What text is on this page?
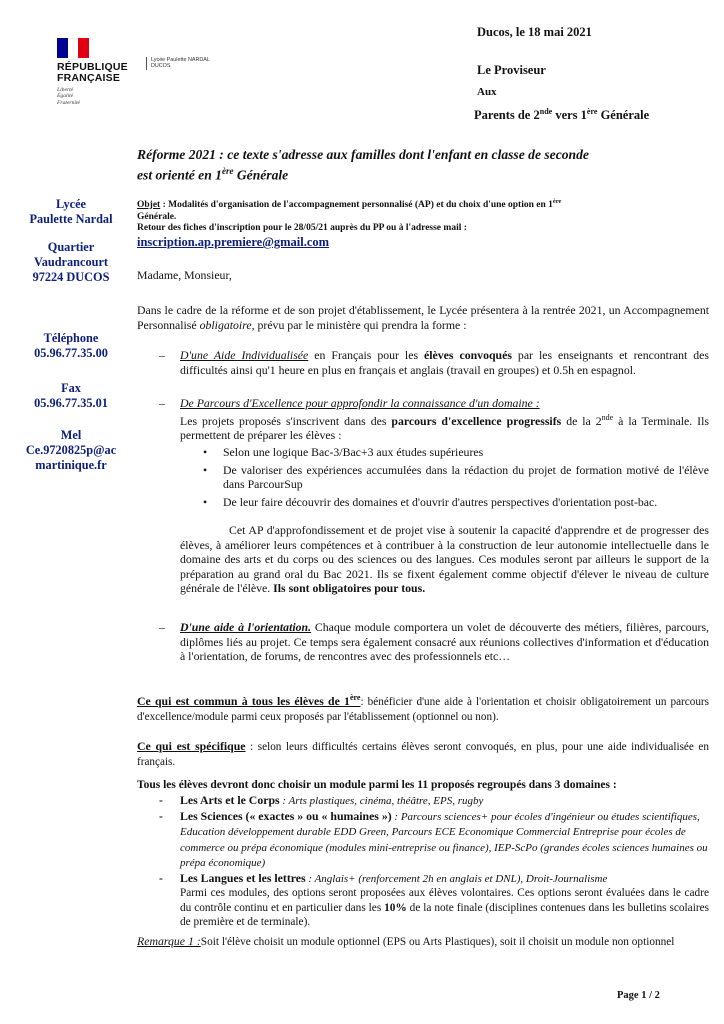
RÉPUBLIQUE
FRANÇAISE
Liberté
Égalité
Fraternité
Lycée Paulette NARDAL
DUCOS
Ducos, le 18 mai 2021
Le Proviseur
Aux
Parents de 2nde vers 1ère Générale
Réforme 2021 : ce texte s'adresse aux familles dont l'enfant en classe de seconde
est orienté en 1ère Générale
Lycée
Paulette Nardal
Quartier
Vaudrancourt
97224 DUCOS
Téléphone
05.96.77.35.00
Fax
05.96.77.35.01
Mel
Ce.9720825p@ac
martinique.fr
Objet : Modalités d'organisation de l'accompagnement personnalisé (AP) et du choix d'une option en 1ère
Générale.
Retour des fiches d'inscription pour le 28/05/21 auprès du PP ou à l'adresse mail :
inscription.ap.premiere@gmail.com
Madame, Monsieur,
Dans le cadre de la réforme et de son projet d'établissement, le Lycée présentera à la rentrée 2021, un Accompagnement Personnalisé obligatoire, prévu par le ministère qui prendra la forme :
– D'une Aide Individualisée en Français pour les élèves convoqués par les enseignants et rencontrant des difficultés ainsi qu'1 heure en plus en français et anglais (travail en groupes) et 0.5h en espagnol.
– De Parcours d'Excellence pour approfondir la connaissance d'un domaine :
Les projets proposés s'inscrivent dans des parcours d'excellence progressifs de la 2nde à la Terminale. Ils permettent de préparer les élèves :
• Selon une logique Bac-3/Bac+3 aux études supérieures
• De valoriser des expériences accumulées dans la rédaction du projet de formation motivé de l'élève dans ParcourSup
• De leur faire découvrir des domaines et d'ouvrir d'autres perspectives d'orientation post-bac.
Cet AP d'approfondissement et de projet vise à soutenir la capacité d'apprendre et de progresser des élèves, à améliorer leurs compétences et à contribuer à la construction de leur autonomie intellectuelle dans le domaine des arts et du corps ou des sciences ou des langues. Ces modules seront par ailleurs le support de la préparation au grand oral du Bac 2021. Ils se fixent également comme objectif d'élever le niveau de culture générale de l'élève. Ils sont obligatoires pour tous.
– D'une aide à l'orientation. Chaque module comportera un volet de découverte des métiers, filières, parcours, diplômes liés au projet. Ce temps sera également consacré aux réunions collectives d'information et d'éducation à l'orientation, de forums, de rencontres avec des professionnels etc…
Ce qui est commun à tous les élèves de 1ère: bénéficier d'une aide à l'orientation et choisir obligatoirement un parcours d'excellence/module parmi ceux proposés par l'établissement (optionnel ou non).
Ce qui est spécifique : selon leurs difficultés certains élèves seront convoqués, en plus, pour une aide individualisée en français.
Tous les élèves devront donc choisir un module parmi les 11 proposés regroupés dans 3 domaines :
- Les Arts et le Corps : Arts plastiques, cinéma, théâtre, EPS, rugby
- Les Sciences (« exactes » ou « humaines ») : Parcours sciences+ pour écoles d'ingénieur ou études scientifiques, Education développement durable EDD Green, Parcours ECE Economique Commercial Entreprise pour écoles de commerce ou prépa économique (modules mini-entreprise ou finance), IEP-ScPo (grandes écoles sciences humaines ou prépa économique)
- Les Langues et les lettres : Anglais+ (renforcement 2h en anglais et DNL), Droit-Journalisme
Parmi ces modules, des options seront proposées aux élèves volontaires. Ces options seront évaluées dans le cadre du contrôle continu et en particulier dans les 10% de la note finale (disciplines contenues dans les bulletins scolaires de première et de terminale).
Remarque 1 :Soit l'élève choisit un module optionnel (EPS ou Arts Plastiques), soit il choisit un module non optionnel
Page 1 / 2
